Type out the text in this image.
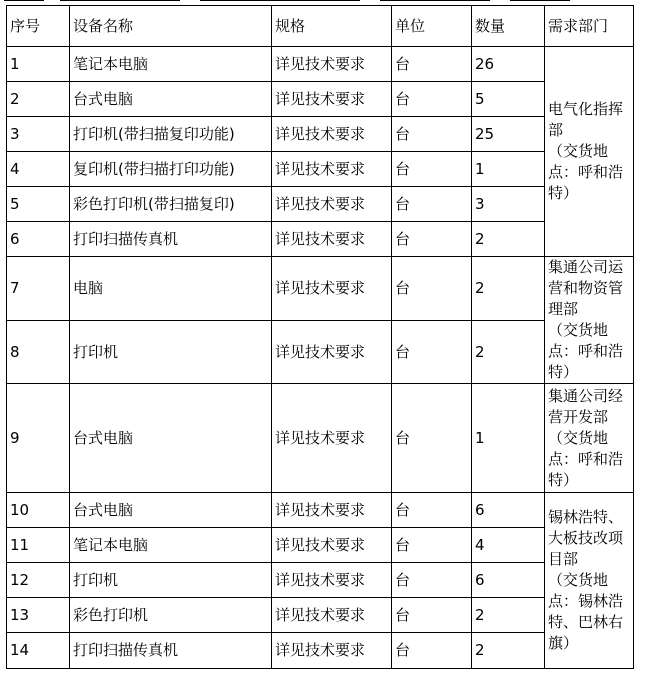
序号	设备名称	规格	单位	数量	需求部门
1	笔记本电脑	详见技术要求	台	26	电气化指挥部
（交货地点：呼和浩特）
2	台式电脑	详见技术要求	台	5	
3	打印机(带扫描复印功能)	详见技术要求	台	25	
4	复印机(带扫描打印功能)	详见技术要求	台	1	
5	彩色打印机(带扫描复印)	详见技术要求	台	3	
6	打印扫描传真机	详见技术要求	台	2	
7	电脑	详见技术要求	台	2	集通公司运营和物资管理部
（交货地点：呼和浩特）
8	打印机	详见技术要求	台	2	
9	台式电脑	详见技术要求	台	1	集通公司经营开发部
（交货地点：呼和浩特）
10	台式电脑	详见技术要求	台	6	锡林浩特、大板技改项目部
（交货地点：锡林浩特、巴林右旗）
11	笔记本电脑	详见技术要求	台	4	
12	打印机	详见技术要求	台	6	
13	彩色打印机	详见技术要求	台	2	
14	打印扫描传真机	详见技术要求	台	2	
